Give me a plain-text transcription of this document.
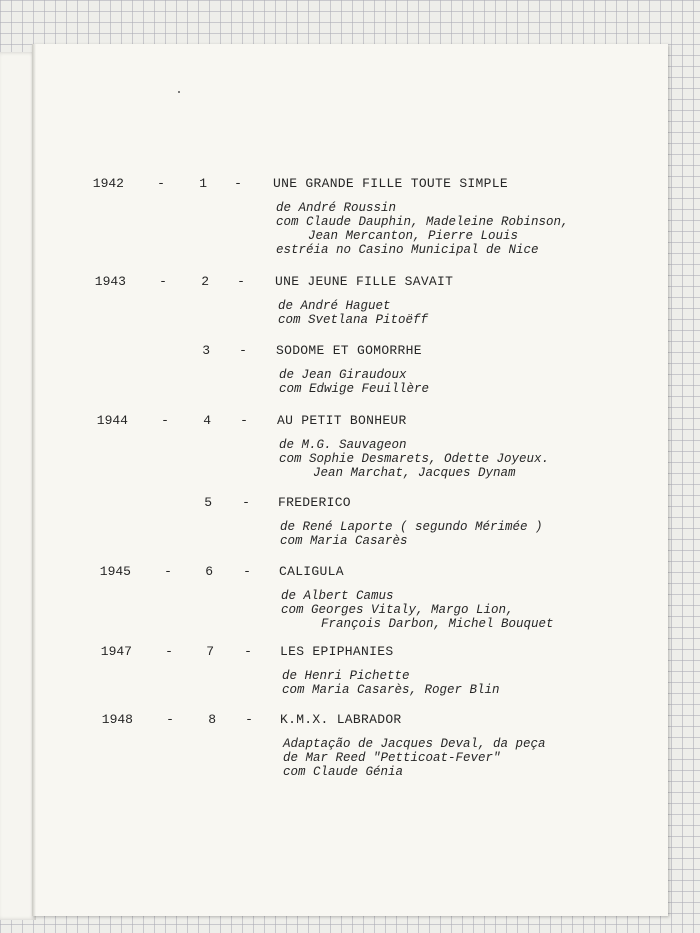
1942	-	1 - UNE GRANDE FILLE TOUTE SIMPLE
de André Roussin
com Claude Dauphin, Madeleine Robinson,
Jean Mercanton, Pierre Louis
estréia no Casino Municipal de Nice
1943	-	2 - UNE JEUNE FILLE SAVAIT
de André Haguet
com Svetlana Pitoëff
3 - SODOME ET GOMORRHE
de Jean Giraudoux
com Edwige Feuillère
1944	-	4 - AU PETIT BONHEUR
de M.G. Sauvageon
com Sophie Desmarets, Odette Joyeux.
Jean Marchat, Jacques Dynam
5 - FREDERICO
de René Laporte ( segundo Mérimée )
com Maria Casarès
1945	-	6 - CALIGULA
de Albert Camus
com Georges Vitaly, Margo Lion,
François Darbon, Michel Bouquet
1947	-	7 - LES EPIPHANIES
de Henri Pichette
com Maria Casarès, Roger Blin
1948	-	8 - K.M.X. LABRADOR
Adaptação de Jacques Deval, da peça
de Mar Reed "Petticoat-Fever"
com Claude Génia
